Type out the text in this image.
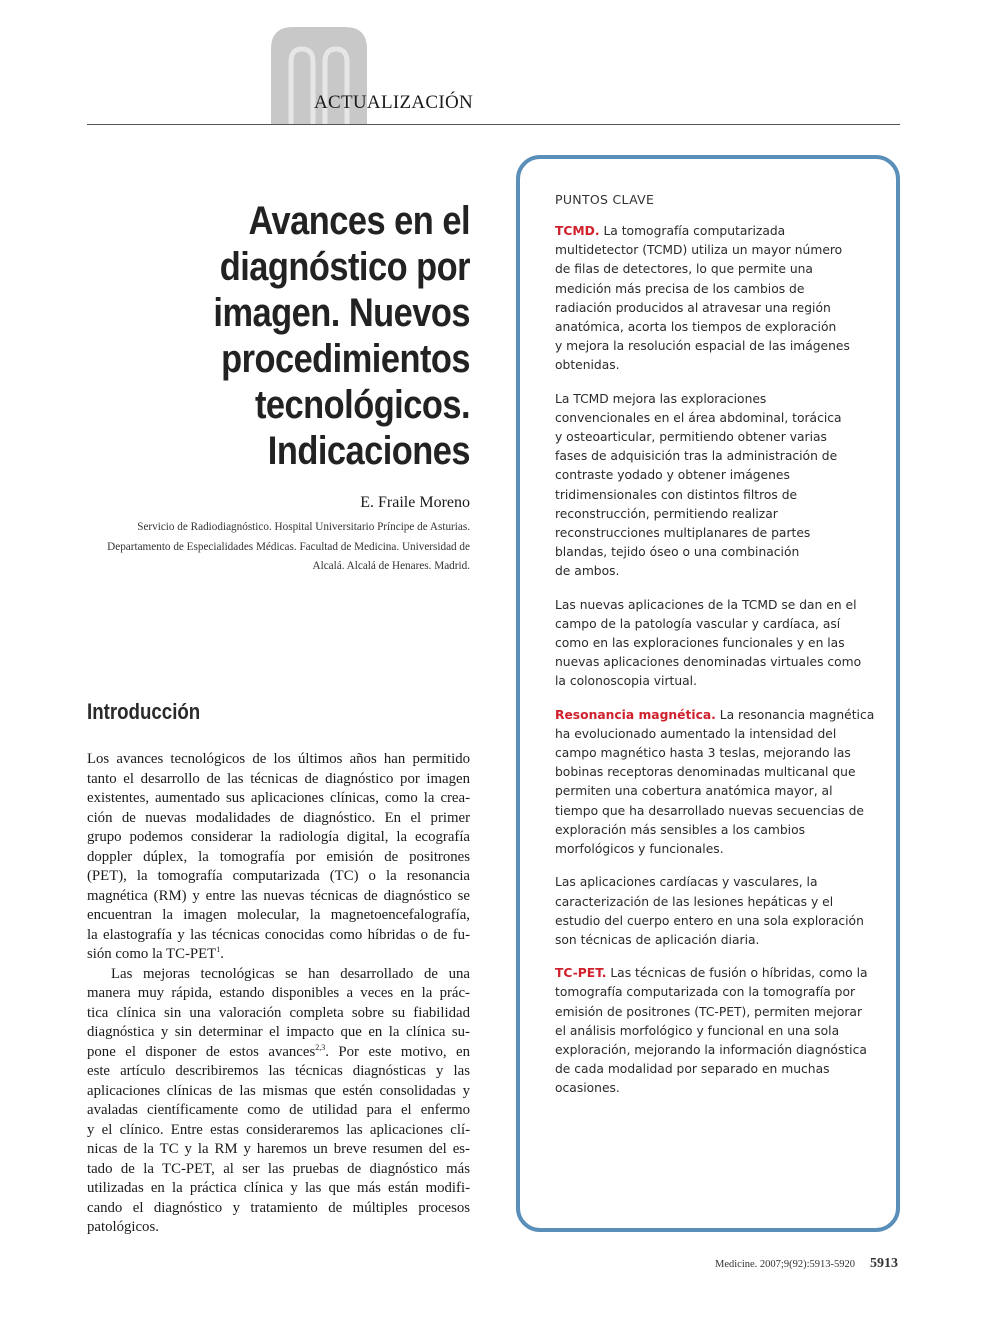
ACTUALIZACIÓN
Avances en el
diagnóstico por
imagen. Nuevos
procedimientos
tecnológicos.
Indicaciones
E. Fraile Moreno
Servicio de Radiodiagnóstico. Hospital Universitario Príncipe de Asturias.
Departamento de Especialidades Médicas. Facultad de Medicina. Universidad de
Alcalá. Alcalá de Henares. Madrid.
Introducción
Los avances tecnológicos de los últimos años han permitido
tanto el desarrollo de las técnicas de diagnóstico por imagen
existentes, aumentado sus aplicaciones clínicas, como la crea-
ción de nuevas modalidades de diagnóstico. En el primer
grupo podemos considerar la radiología digital, la ecografía
doppler dúplex, la tomografía por emisión de positrones
(PET), la tomografía computarizada (TC) o la resonancia
magnética (RM) y entre las nuevas técnicas de diagnóstico se
encuentran la imagen molecular, la magnetoencefalografía,
la elastografía y las técnicas conocidas como híbridas o de fu-
sión como la TC-PET$^1$.
Las mejoras tecnológicas se han desarrollado de una
manera muy rápida, estando disponibles a veces en la prác-
tica clínica sin una valoración completa sobre su fiabilidad
diagnóstica y sin determinar el impacto que en la clínica su-
pone el disponer de estos avances$^{2,3}$. Por este motivo, en
este artículo describiremos las técnicas diagnósticas y las
aplicaciones clínicas de las mismas que estén consolidadas y
avaladas científicamente como de utilidad para el enfermo
y el clínico. Entre estas consideraremos las aplicaciones clí-
nicas de la TC y la RM y haremos un breve resumen del es-
tado de la TC-PET, al ser las pruebas de diagnóstico más
utilizadas en la práctica clínica y las que más están modifi-
cando el diagnóstico y tratamiento de múltiples procesos
patológicos.
PUNTOS CLAVE

TCMD. La tomografía computarizada
multidetector (TCMD) utiliza un mayor número
de filas de detectores, lo que permite una
medición más precisa de los cambios de
radiación producidos al atravesar una región
anatómica, acorta los tiempos de exploración
y mejora la resolución espacial de las imágenes
obtenidas.

La TCMD mejora las exploraciones
convencionales en el área abdominal, torácica
y osteoarticular, permitiendo obtener varias
fases de adquisición tras la administración de
contraste yodado y obtener imágenes
tridimensionales con distintos filtros de
reconstrucción, permitiendo realizar
reconstrucciones multiplanares de partes
blandas, tejido óseo o una combinación
de ambos.

Las nuevas aplicaciones de la TCMD se dan en el
campo de la patología vascular y cardíaca, así
como en las exploraciones funcionales y en las
nuevas aplicaciones denominadas virtuales como
la colonoscopia virtual.

Resonancia magnética. La resonancia magnética
ha evolucionado aumentado la intensidad del
campo magnético hasta 3 teslas, mejorando las
bobinas receptoras denominadas multicanal que
permiten una cobertura anatómica mayor, al
tiempo que ha desarrollado nuevas secuencias de
exploración más sensibles a los cambios
morfológicos y funcionales.

Las aplicaciones cardíacas y vasculares, la
caracterización de las lesiones hepáticas y el
estudio del cuerpo entero en una sola exploración
son técnicas de aplicación diaria.

TC-PET. Las técnicas de fusión o híbridas, como la
tomografía computarizada con la tomografía por
emisión de positrones (TC-PET), permiten mejorar
el análisis morfológico y funcional en una sola
exploración, mejorando la información diagnóstica
de cada modalidad por separado en muchas
ocasiones.

Medicine. 2007;9(92):5913-5920 5913
